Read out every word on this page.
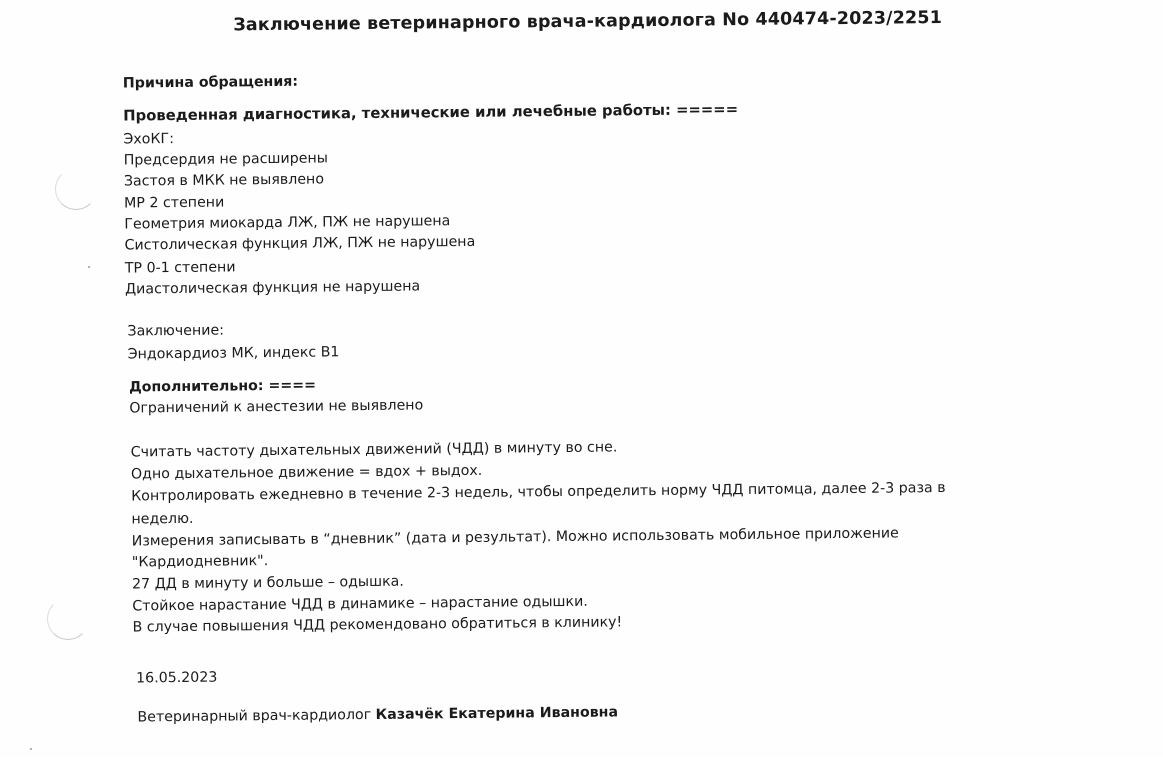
Заключение ветеринарного врача-кардиолога No 440474-2023/2251
Причина обращения:
Проведенная диагностика, технические или лечебные работы: =====
ЭхоКГ:
Предсердия не расширены
Застоя в МКК не выявлено
МР 2 степени
Геометрия миокарда ЛЖ, ПЖ не нарушена
Систолическая функция ЛЖ, ПЖ не нарушена
ТР 0-1 степени
Диастолическая функция не нарушена
Заключение:
Эндокардиоз МК, индекс В1
Дополнительно: ====
Ограничений к анестезии не выявлено
Считать частоту дыхательных движений (ЧДД) в минуту во сне.
Одно дыхательное движение = вдох + выдох.
Контролировать ежедневно в течение 2-3 недель, чтобы определить норму ЧДД питомца, далее 2-3 раза в
неделю.
Измерения записывать в “дневник” (дата и результат). Можно использовать мобильное приложение
"Кардиодневник".
27 ДД в минуту и больше – одышка.
Стойкое нарастание ЧДД в динамике – нарастание одышки.
В случае повышения ЧДД рекомендовано обратиться в клинику!
16.05.2023
Ветеринарный врач-кардиолог Казачёк Екатерина Ивановна
